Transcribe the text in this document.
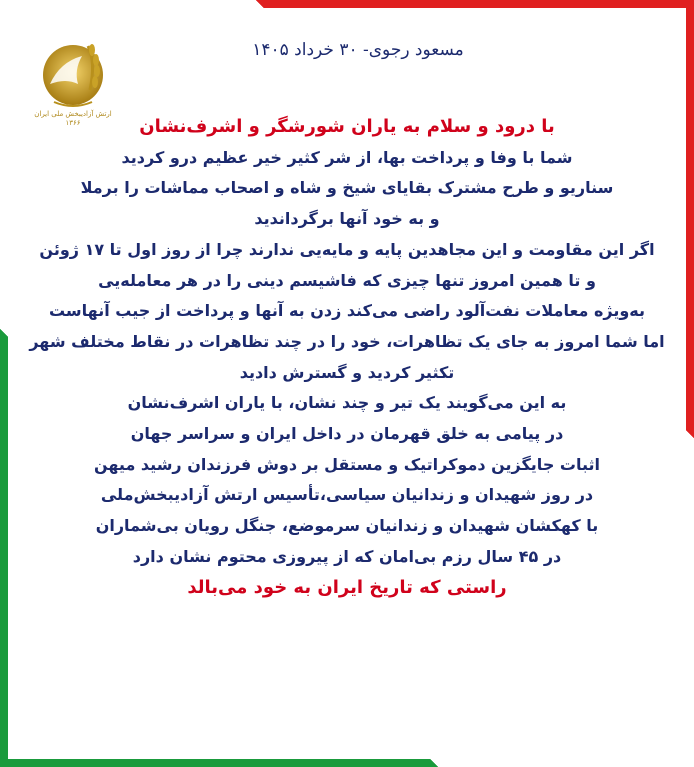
ارتش آزادیبخش ملی ایران
۱۳۶۶
مسعود رجوی- ۳۰ خرداد ۱۴۰۵
با درود و سلام به یاران شورشگر و اشرف‌نشان
شما با وفا و پرداخت بها، از شر کثیر خیر عظیم درو کردید
سناریو و طرح مشترک بقایای شیخ و شاه و اصحاب مماشات را برملا
و به خود آنها برگرداندید
اگر این مقاومت و این مجاهدین پایه و مایه‌یی ندارند چرا از روز اول تا ۱۷ ژوئن
و تا همین امروز تنها چیزی که فاشیسم دینی را در هر معامله‌یی
به‌ویژه معاملات نفت‌آلود راضی می‌کند زدن به آنها و پرداخت از جیب آنهاست
اما شما امروز به جای یک تظاهرات، خود را در چند تظاهرات در نقاط مختلف شهر
تکثیر کردید و گسترش دادید
به این می‌گویند یک تیر و چند نشان، با یاران اشرف‌نشان
در پیامی به خلق قهرمان در داخل ایران و سراسر جهان
اثبات جایگزین دموکراتیک و مستقل بر دوش فرزندان رشید میهن
در روز شهیدان و زندانیان سیاسی،تأسیس ارتش آزادیبخش‌ملی
با کهکشان شهیدان و زندانیان سرموضع، جنگل رویان بی‌شماران
در ۴۵ سال رزم بی‌امان که از پیروزی محتوم نشان دارد
راستی که تاریخ ایران به خود می‌بالد
